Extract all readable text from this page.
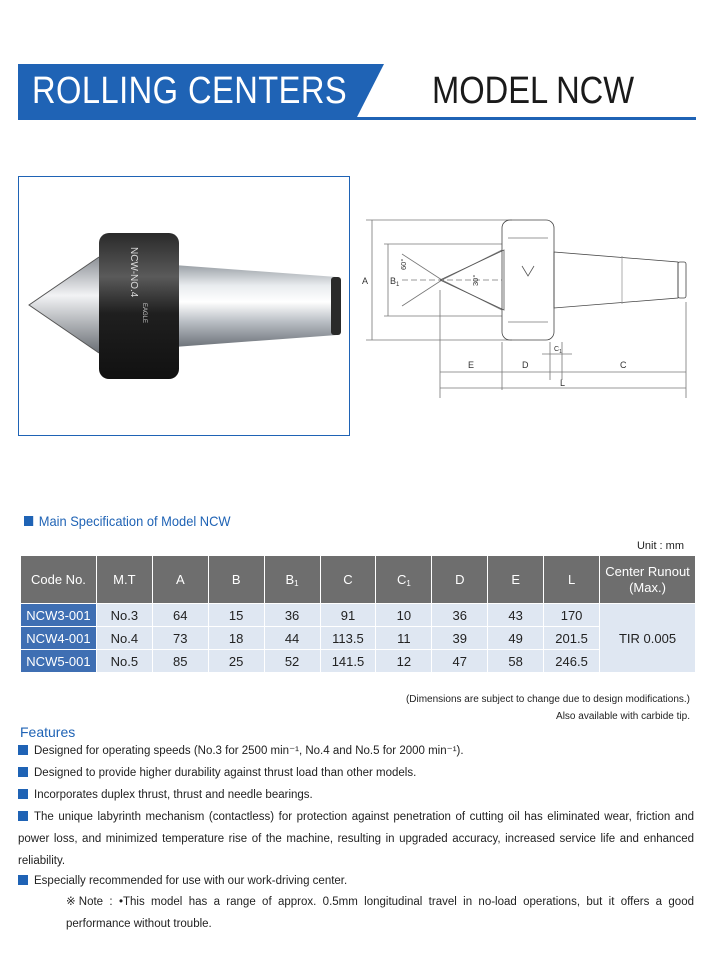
ROLLING CENTERS MODEL NCW
NCW-NO.4
EAGLE
A $B_1$
60°
30°
$C_1$
E	D	C
L
Main Specification of Model NCW
Unit : mm
Code No.	M.T	A	B	B1	C	C1	D	E	L	Center Runout (Max.)
NCW3-001	No.3	64	15	36	91	10	36	43	170	TIR 0.005
NCW4-001	No.4	73	18	44	113.5	11	39	49	201.5	
NCW5-001	No.5	85	25	52	141.5	12	47	58	246.5	
(Dimensions are subject to change due to design modifications.)
Also available with carbide tip.
Features
Designed for operating speeds (No.3 for 2500 min⁻¹, No.4 and No.5 for 2000 min⁻¹).
Designed to provide higher durability against thrust load than other models.
Incorporates duplex thrust, thrust and needle bearings.
The unique labyrinth mechanism (contactless) for protection against penetration of cutting oil has eliminated wear, friction and power loss, and minimized temperature rise of the machine, resulting in upgraded accuracy, increased service life and enhanced reliability.
Especially recommended for use with our work-driving center.
※Note : •This model has a range of approx. 0.5mm longitudinal travel in no-load operations, but it offers a good performance without trouble.
